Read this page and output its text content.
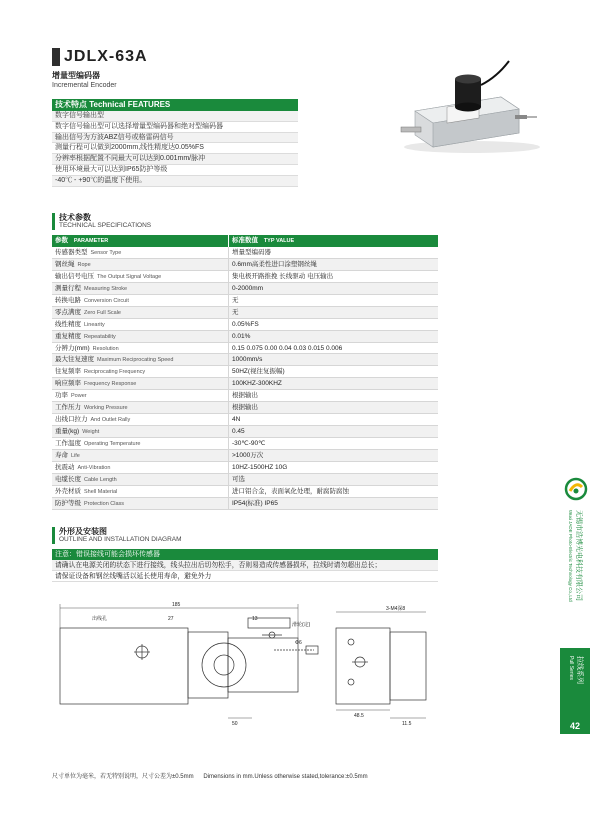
JDLX-63A
增量型编码器
Incremental Encoder
技术特点 Technical FEATURES
数字信号输出型
数字信号输出型可以选择增量型编码器和绝对型编码器
输出信号为方波ABZ信号或格雷码信号
测量行程可以做到2000mm,线性精度达0.05%FS
分辨率根据配置不同最大可以达到0.001mm/脉冲
使用环境最大可以达到IP65防护等级
-40℃ - +90℃的温度下使用。
技术参数
TECHNICAL SPECIFICATIONS
参数 PARAMETER	标准数值 TYP VALUE
传感器类型 Sensor Type	增量型编码器
钢丝绳 Rope	0.6mm高柔性进口涂塑钢丝绳
输出信号电压 The Output Signal Voltage	集电极开路推挽 长线驱动 电压输出
测量行程 Measuring Stroke	0-2000mm
转换电路 Conversion Circuit	无
零点满度 Zero Full Scale	无
线性精度 Linearity	0.05%FS
重复精度 Repeatability	0.01%
分辨力(mm) Resolution	0.15 0.075 0.00 0.04 0.03 0.015 0.006
最大往复速度 Maximum Reciprocating Speed	1000mm/s
往复频率 Reciprocating Frequency	50HZ(视往复振幅)
响应频率 Frequency Response	100KHZ-300KHZ
功率 Power	根据输出
工作压力 Working Pressure	根据输出
出线口拉力 And Outlet Rally	4N
重量(kg) Weight	0.45
工作温度 Operating Temperature	-30℃-90℃
寿命 Life	>1000万次
抗震动 Anti-Vibration	10HZ-1500HZ 10G
电缆长度 Cable Length	可选
外壳材质 Shell Material	进口铝合金，表面氧化处理，耐腐防腐蚀
防护等级 Protection Class	IP54(标准) IP65
外形及安装图
OUTLINE AND INSTALLATION DIAGRAM
注意：错误接线可能会损坏传感器
请确认在电源关闭的状态下进行接线，线头拉出后切勿松手，否则易造成传感器损坏，拉线时请勿超出总长；
请保证设备和钢丝线嘴活以延长使用寿命，避免外力
出线孔
滑轮(定)
185
3-M4深8
27	13
Φ6
48.5
11.5
50
尺寸单位为毫米，若无特别说明，尺寸公差为±0.5mm Dimensions in mm.Unless otherwise stated,tolerance:±0.5mm
无锡市浩博光电科技有限公司
Wuxi JADE Photo-Electric Technology Co.,Ltd
拉线系列
Pull Series
42
